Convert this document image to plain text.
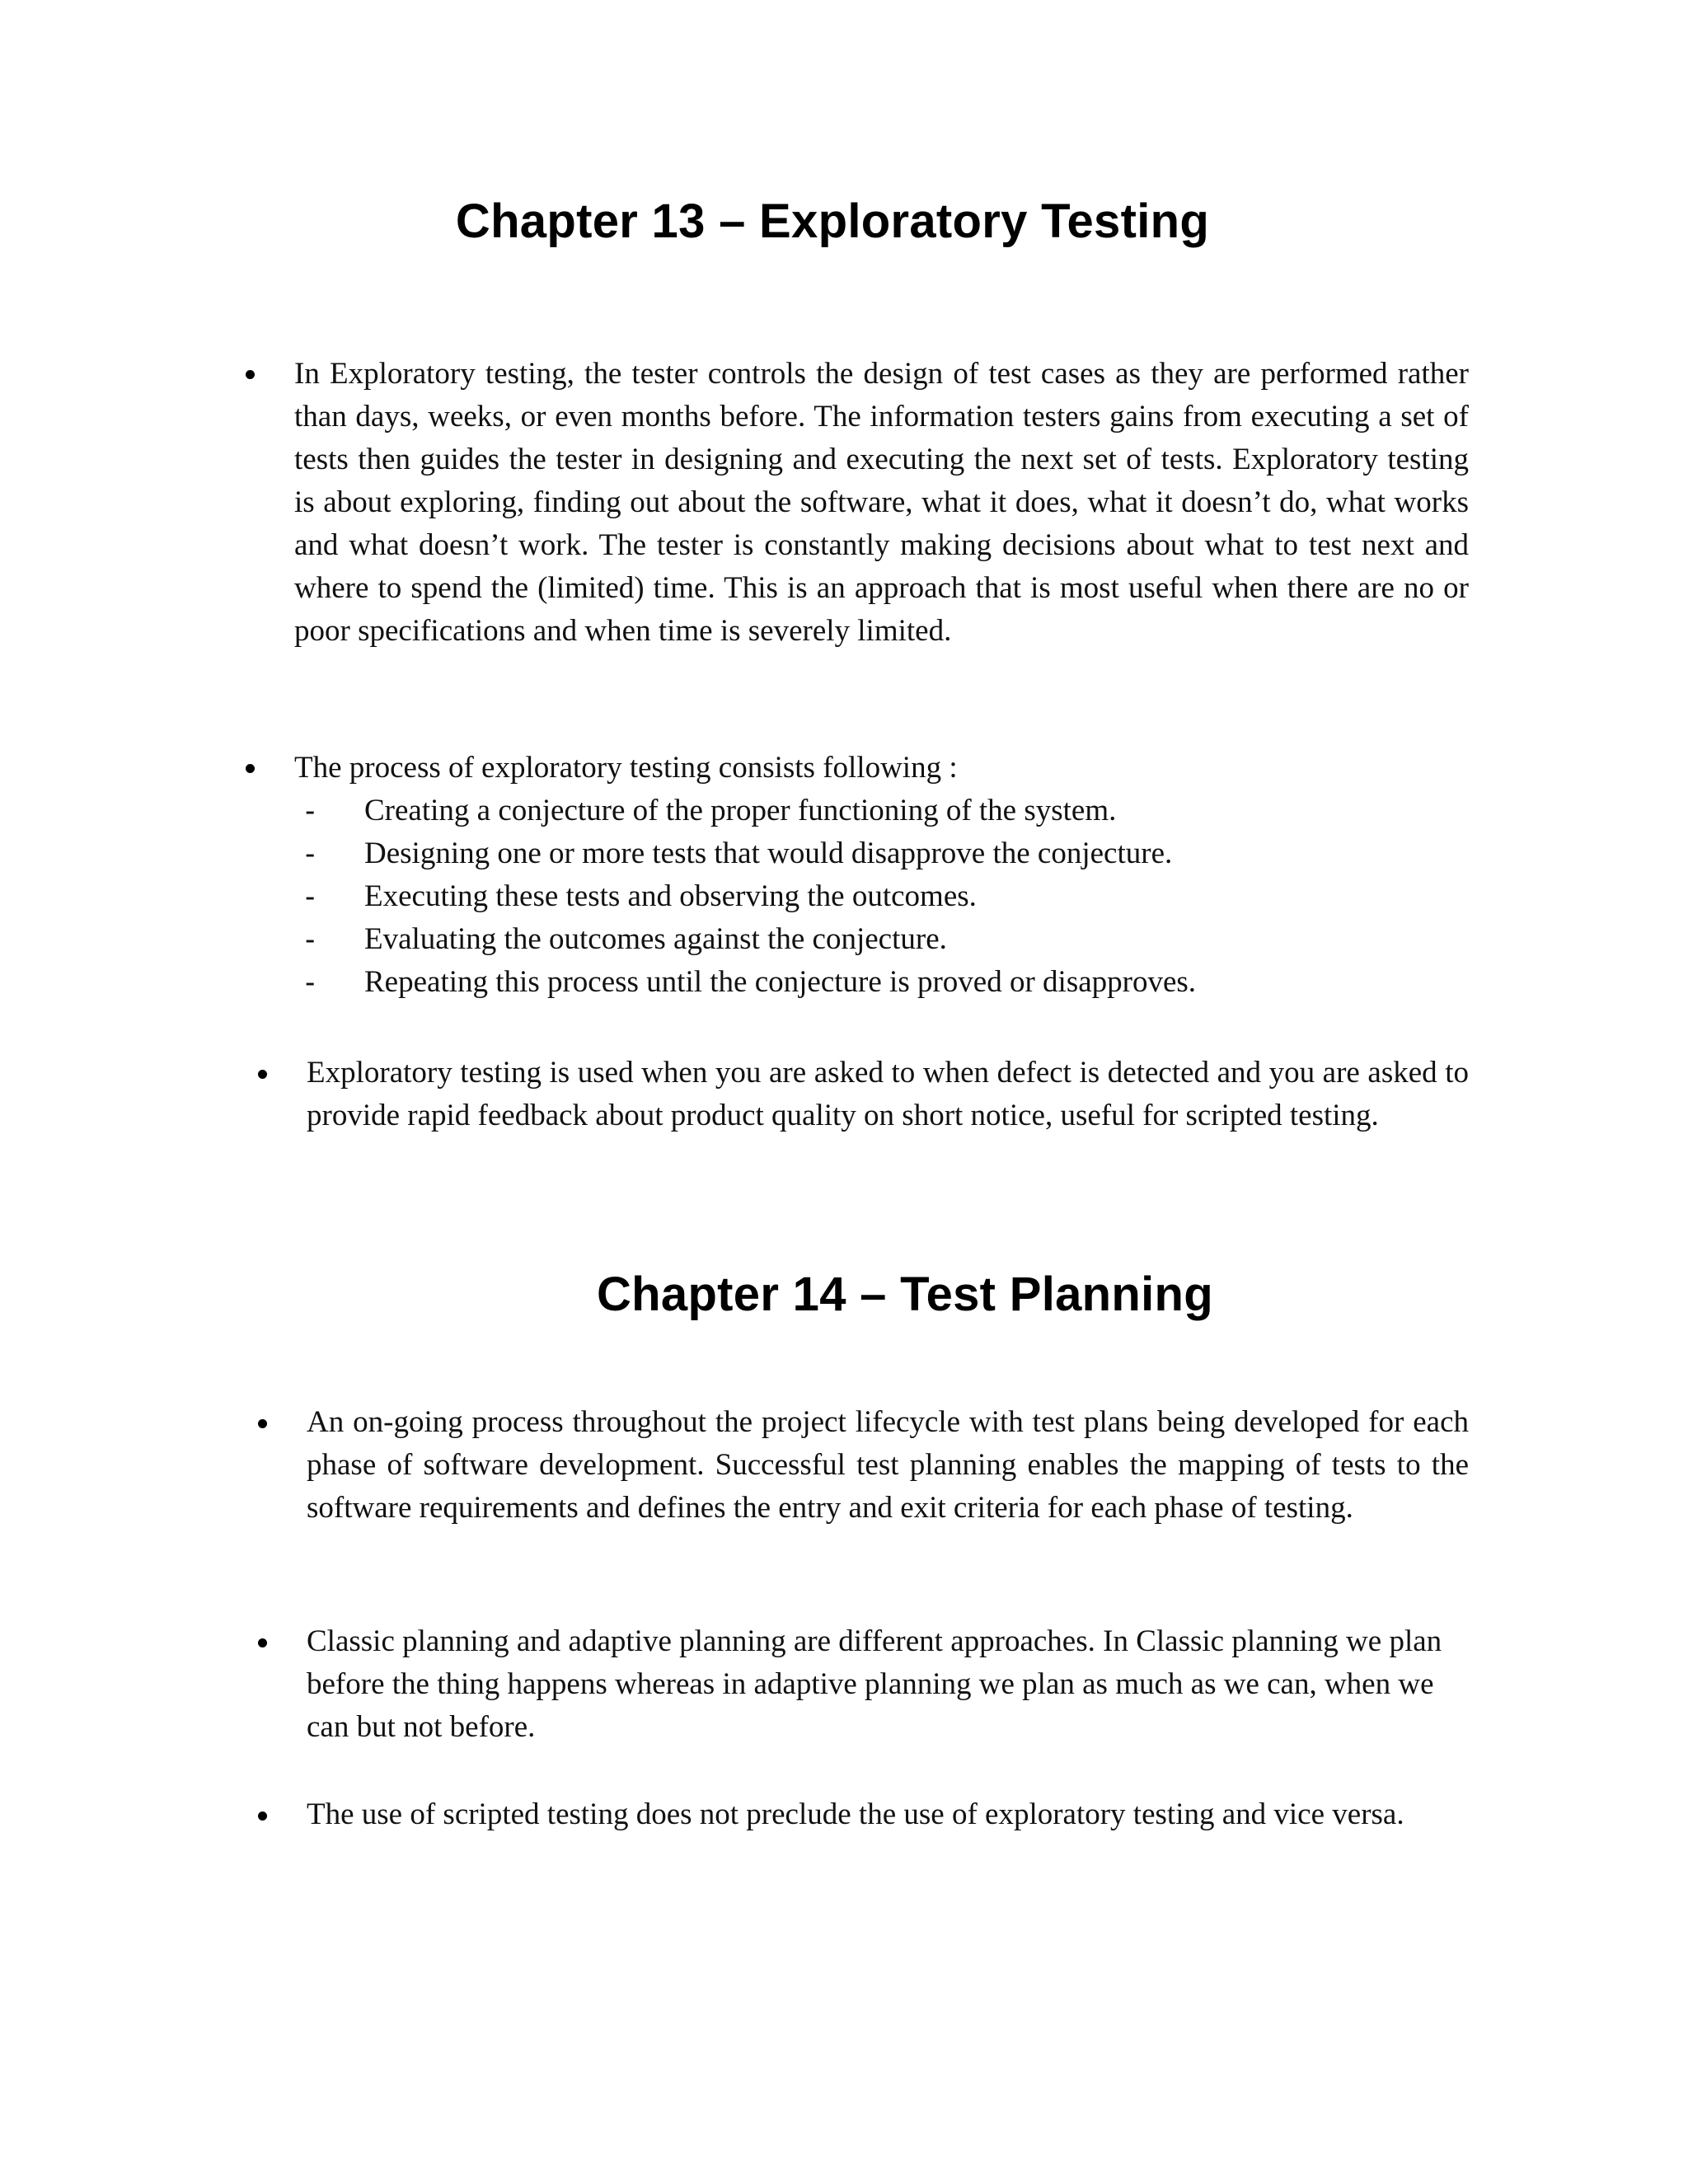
Chapter 13 – Exploratory Testing

In Exploratory testing, the tester controls the design of test cases as they are performed rather than days, weeks, or even months before. The information testers gains from executing a set of tests then guides the tester in designing and executing the next set of tests. Exploratory testing is about exploring, finding out about the software, what it does, what it doesn’t do, what works and what doesn’t work. The tester is constantly making decisions about what to test next and where to spend the (limited) time. This is an approach that is most useful when there are no or poor specifications and when time is severely limited.

The process of exploratory testing consists following :

-	Creating a conjecture of the proper functioning of the system.
-	Designing one or more tests that would disapprove the conjecture.
-	Executing these tests and observing the outcomes.
-	Evaluating the outcomes against the conjecture.
-	Repeating this process until the conjecture is proved or disapproves.

Exploratory testing is used when you are asked to when defect is detected and you are asked to provide rapid feedback about product quality on short notice, useful for scripted testing.

Chapter 14 – Test Planning

An on-going process throughout the project lifecycle with test plans being developed for each phase of software development. Successful test planning enables the mapping of tests to the software requirements and defines the entry and exit criteria for each phase of testing.

Classic planning and adaptive planning are different approaches. In Classic planning we plan before the thing happens whereas in adaptive planning we plan as much as we can, when we can but not before.

The use of scripted testing does not preclude the use of exploratory testing and vice versa.
